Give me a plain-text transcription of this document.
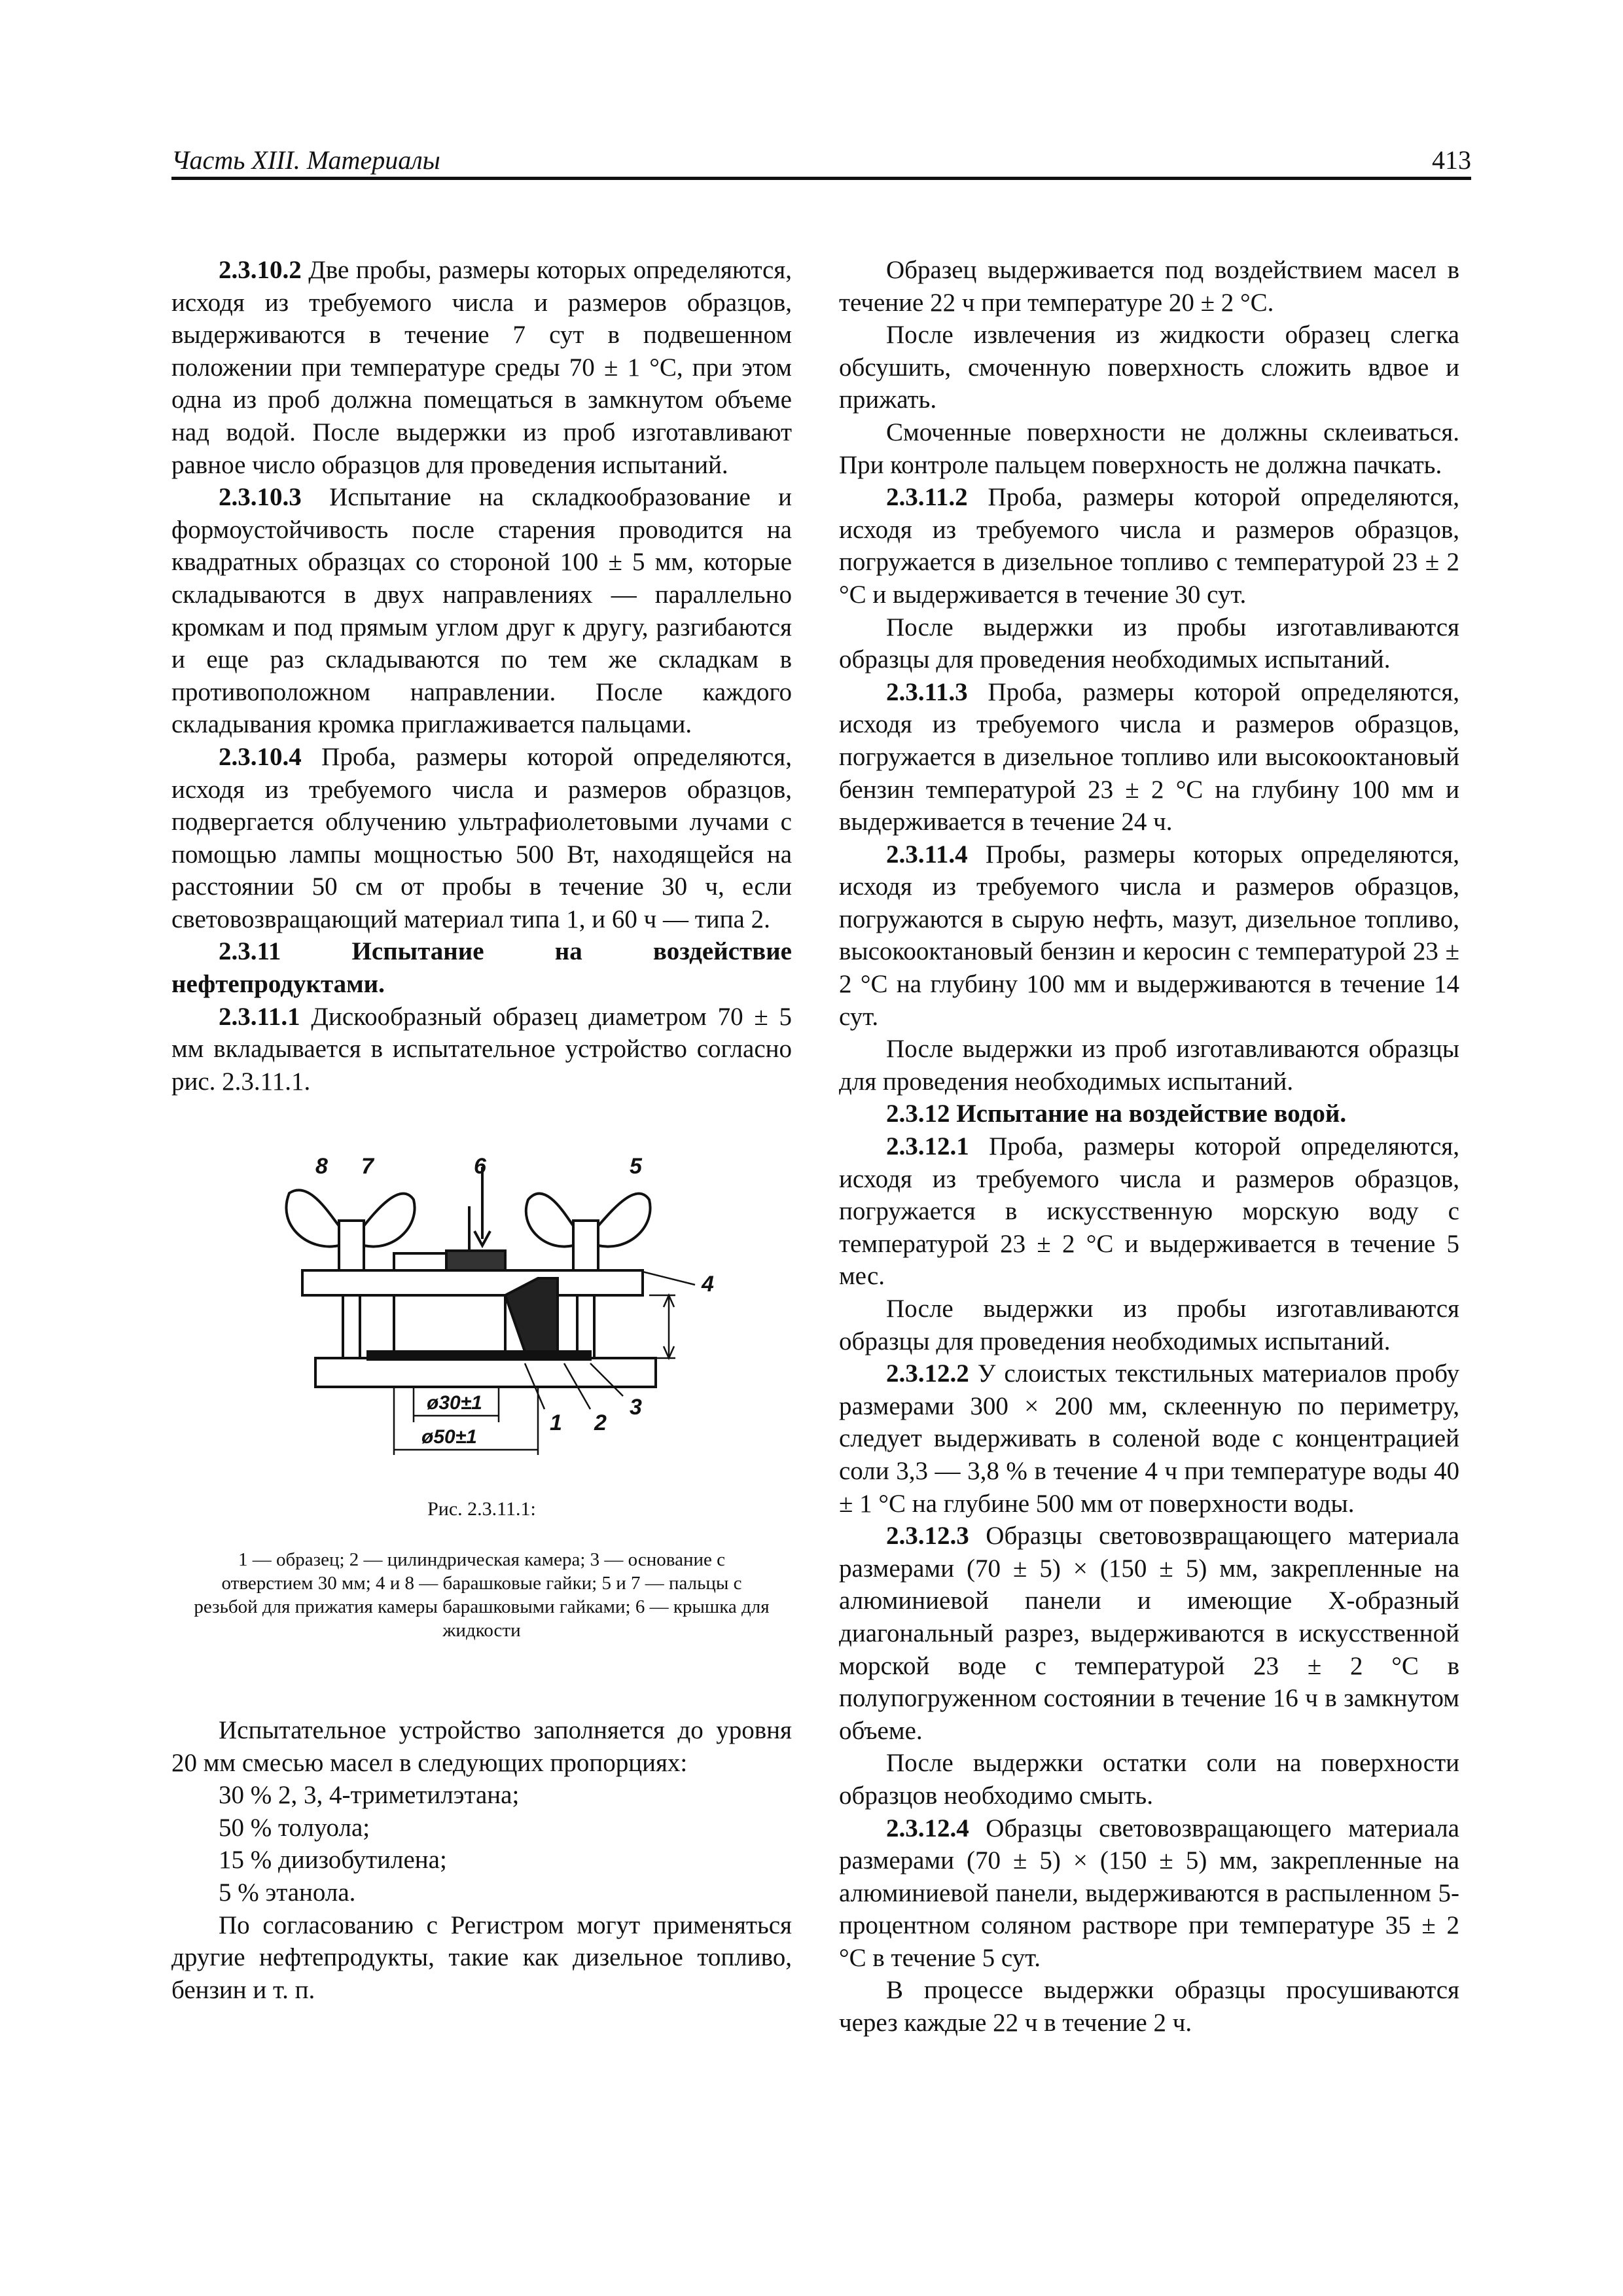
Часть XIII. Материалы	413

2.3.10.2 Две пробы, размеры которых определяются, исходя из требуемого числа и размеров образцов, выдерживаются в течение 7 сут в подвешенном положении при температуре среды 70 ± 1 °С, при этом одна из проб должна помещаться в замкнутом объеме над водой. После выдержки из проб изготавливают равное число образцов для проведения испытаний.

2.3.10.3 Испытание на складкообразование и формоустойчивость после старения проводится на квадратных образцах со стороной 100 ± 5 мм, которые складываются в двух направлениях — параллельно кромкам и под прямым углом друг к другу, разгибаются и еще раз складываются по тем же складкам в противоположном направлении. После каждого складывания кромка приглаживается пальцами.

2.3.10.4 Проба, размеры которой определяются, исходя из требуемого числа и размеров образцов, подвергается облучению ультрафиолетовыми лучами с помощью лампы мощностью 500 Вт, находящейся на расстоянии 50 см от пробы в течение 30 ч, если световозвращающий материал типа 1, и 60 ч — типа 2.

2.3.11 Испытание на воздействие нефтепродуктами.

2.3.11.1 Дискообразный образец диаметром 70 ± 5 мм вкладывается в испытательное устройство согласно рис. 2.3.11.1.

8 7	6	5
4
3
2
1
ø30±1
ø50±1
Рис. 2.3.11.1:
1 — образец; 2 — цилиндрическая камера; 3 — основание с отверстием 30 мм; 4 и 8 — барашковые гайки; 5 и 7 — пальцы с резьбой для прижатия камеры барашковыми гайками; 6 — крышка для жидкости

Испытательное устройство заполняется до уровня 20 мм смесью масел в следующих пропорциях:

30 % 2, 3, 4-триметилэтана;

50 % толуола;

15 % диизобутилена;

5 % этанола.

По согласованию с Регистром могут применяться другие нефтепродукты, такие как дизельное топливо, бензин и т. п.

Образец выдерживается под воздействием масел в течение 22 ч при температуре 20 ± 2 °С.

После извлечения из жидкости образец слегка обсушить, смоченную поверхность сложить вдвое и прижать.

Смоченные поверхности не должны склеиваться. При контроле пальцем поверхность не должна пачкать.

2.3.11.2 Проба, размеры которой определяются, исходя из требуемого числа и размеров образцов, погружается в дизельное топливо с температурой 23 ± 2 °С и выдерживается в течение 30 сут.

После выдержки из пробы изготавливаются образцы для проведения необходимых испытаний.

2.3.11.3 Проба, размеры которой определяются, исходя из требуемого числа и размеров образцов, погружается в дизельное топливо или высокооктановый бензин температурой 23 ± 2 °С на глубину 100 мм и выдерживается в течение 24 ч.

2.3.11.4 Пробы, размеры которых определяются, исходя из требуемого числа и размеров образцов, погружаются в сырую нефть, мазут, дизельное топливо, высокооктановый бензин и керосин с температурой 23 ± 2 °С на глубину 100 мм и выдерживаются в течение 14 сут.

После выдержки из проб изготавливаются образцы для проведения необходимых испытаний.

2.3.12 Испытание на воздействие водой.

2.3.12.1 Проба, размеры которой определяются, исходя из требуемого числа и размеров образцов, погружается в искусственную морскую воду с температурой 23 ± 2 °С и выдерживается в течение 5 мес.

После выдержки из пробы изготавливаются образцы для проведения необходимых испытаний.

2.3.12.2 У слоистых текстильных материалов пробу размерами 300 × 200 мм, склеенную по периметру, следует выдерживать в соленой воде с концентрацией соли 3,3 — 3,8 % в течение 4 ч при температуре воды 40 ± 1 °С на глубине 500 мм от поверхности воды.

2.3.12.3 Образцы световозвращающего материала размерами (70 ± 5) × (150 ± 5) мм, закрепленные на алюминиевой панели и имеющие Х-образный диагональный разрез, выдерживаются в искусственной морской воде с температурой 23 ± 2 °С в полупогруженном состоянии в течение 16 ч в замкнутом объеме.

После выдержки остатки соли на поверхности образцов необходимо смыть.

2.3.12.4 Образцы световозвращающего материала размерами (70 ± 5) × (150 ± 5) мм, закрепленные на алюминиевой панели, выдерживаются в распыленном 5-процентном соляном растворе при температуре 35 ± 2 °С в течение 5 сут.

В процессе выдержки образцы просушиваются через каждые 22 ч в течение 2 ч.
